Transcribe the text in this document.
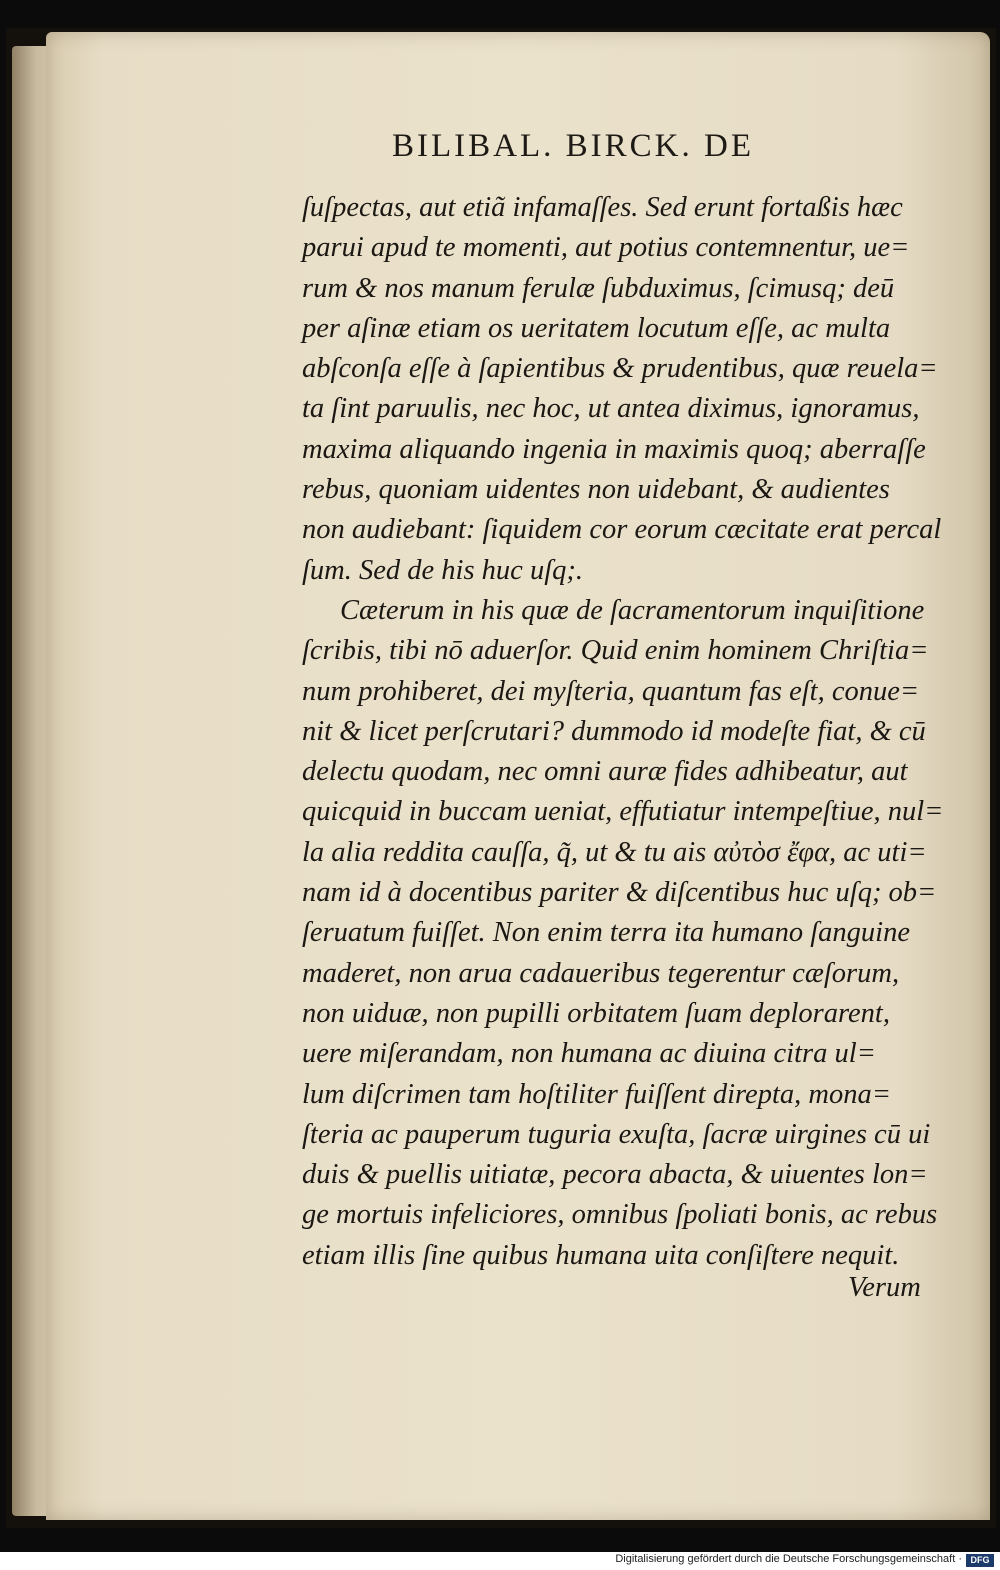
BILIBAL. BIRCK. DE
ſuſpectas, aut etiã infamaſſes. Sed erunt fortaßis hæc
parui apud te momenti, aut potius contemnentur, ue=
rum & nos manum ferulæ ſubduximus, ſcimusq; deū
per aſinæ etiam os ueritatem locutum eſſe, ac multa
abſconſa eſſe à ſapientibus & prudentibus, quæ reuela=
ta ſint paruulis, nec hoc, ut antea diximus, ignoramus,
maxima aliquando ingenia in maximis quoq; aberraſſe
rebus, quoniam uidentes non uidebant, & audientes
non audiebant: ſiquidem cor eorum cæcitate erat percal
ſum. Sed de his huc uſq;.
Cæterum in his quæ de ſacramentorum inquiſitione
ſcribis, tibi nō aduerſor. Quid enim hominem Chriſtia=
num prohiberet, dei myſteria, quantum fas eſt, conue=
nit & licet perſcrutari? dummodo id modeſte fiat, & cū
delectu quodam, nec omni auræ fides adhibeatur, aut
quicquid in buccam ueniat, effutiatur intempeſtiue, nul=
la alia reddita cauſſa, q̃, ut & tu ais αὐτὸσ ἔφα, ac uti=
nam id à docentibus pariter & diſcentibus huc uſq; ob=
ſeruatum fuiſſet. Non enim terra ita humano ſanguine
maderet, non arua cadaueribus tegerentur cæſorum,
non uiduæ, non pupilli orbitatem ſuam deplorarent,
uere miſerandam, non humana ac diuina citra ul=
lum diſcrimen tam hoſtiliter fuiſſent direpta, mona=
ſteria ac pauperum tuguria exuſta, ſacræ uirgines cū ui
duis & puellis uitiatæ, pecora abacta, & uiuentes lon=
ge mortuis infeliciores, omnibus ſpoliati bonis, ac rebus
etiam illis ſine quibus humana uita conſiſtere nequit.
Verum
Digitalisierung gefördert durch die Deutsche Forschungsgemeinschaft · DFG
